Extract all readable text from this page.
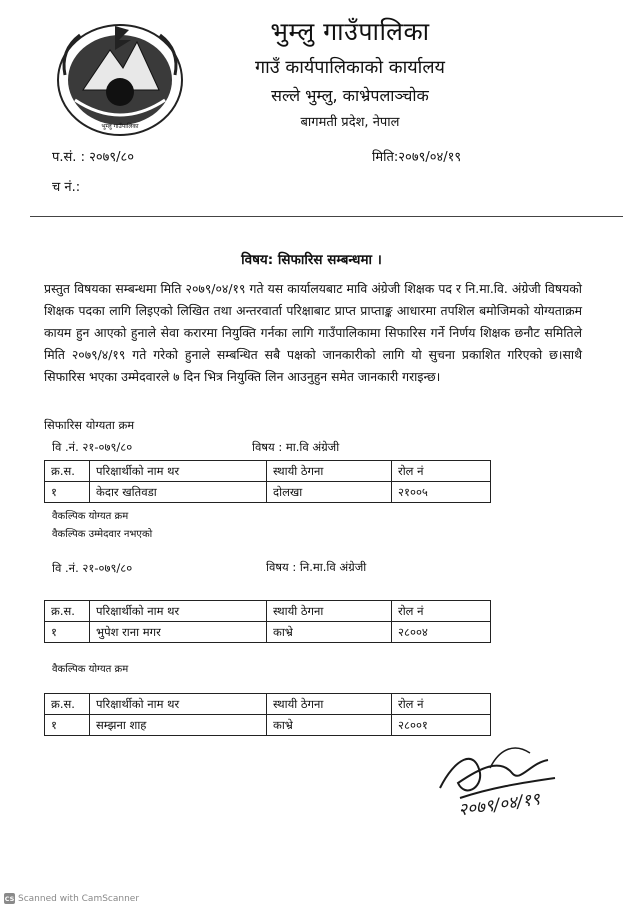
भुम्लु गाउँपालिका
भुम्लु गाउँपालिका
गाउँ कार्यपालिकाको कार्यालय
सल्ले भुम्लु, काभ्रेपलाञ्चोक
बागमती प्रदेश, नेपाल
प.सं. : २०७९/८०	मिति:२०७९/०४/१९
च नं.:
विषय: सिफारिस सम्बन्धमा ।
प्रस्तुत विषयका सम्बन्धमा मिति २०७९/०४/१९ गते यस कार्यालयबाट मावि अंग्रेजी शिक्षक पद र नि.मा.वि. अंग्रेजी विषयको शिक्षक पदका लागि लिइएको लिखित तथा अन्तरवार्ता परिक्षाबाट प्राप्त प्राप्ताङ्क आधारमा तपशिल बमोजिमको योग्यताक्रम कायम हुन आएको हुनाले सेवा करारमा नियुक्ति गर्नका लागि गाउँपालिकामा सिफारिस गर्ने निर्णय शिक्षक छनौट समितिले मिति २०७९/४/१९ गते गरेको हुनाले सम्बन्धित सबै पक्षको जानकारीको लागि यो सुचना प्रकाशित गरिएको छ।साथै सिफारिस भएका उम्मेदवारले ७ दिन भित्र नियुक्ति लिन आउनुहुन समेत जानकारी गराइन्छ।
सिफारिस योग्यता क्रम
वि .नं. २१-०७९/८०	विषय : मा.वि अंग्रेजी
क्र.स.	परिक्षार्थीको नाम थर	स्थायी ठेगना	रोल नं
१	केदार खतिवडा	दोलखा	२१००५
वैकल्पिक योग्यत क्रम
वैकल्पिक उम्मेदवार नभएको
वि .नं. २१-०७९/८०	विषय : नि.मा.वि अंग्रेजी
क्र.स.	परिक्षार्थीको नाम थर	स्थायी ठेगना	रोल नं
१	भुपेश राना मगर	काभ्रे	२८००४
वैकल्पिक योग्यत क्रम
क्र.स.	परिक्षार्थीको नाम थर	स्थायी ठेगना	रोल नं
१	सम्झना शाह	काभ्रे	२८००१
२०७९/०४/१९
CS Scanned with CamScanner
